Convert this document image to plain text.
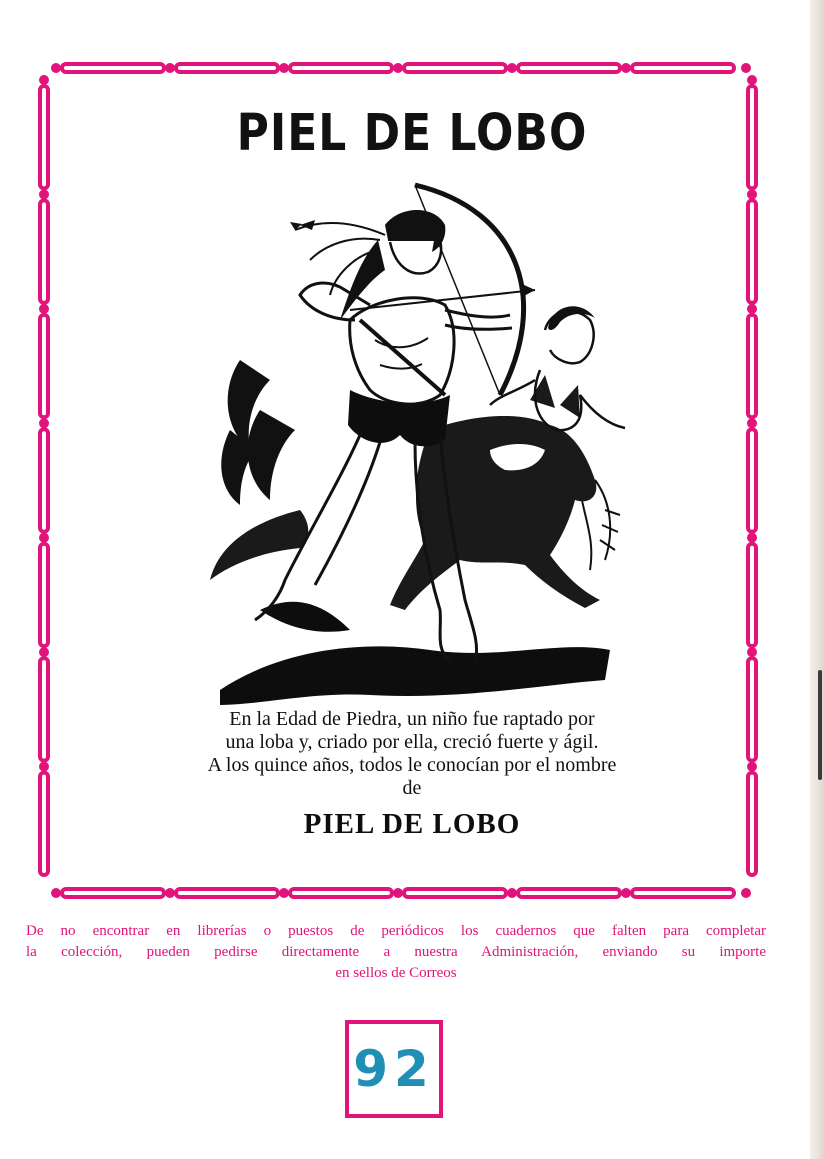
PIEL DE LOBO
En la Edad de Piedra, un niño fue raptado por
una loba y, criado por ella, creció fuerte y ágil.
A los quince años, todos le conocían por el nombre
de
PIEL DE LOBO
De no encontrar en librerías o puestos de periódicos los cuadernos que falten para completar
la colección, pueden pedirse directamente a nuestra Administración, enviando su importe
en sellos de Correos
92
